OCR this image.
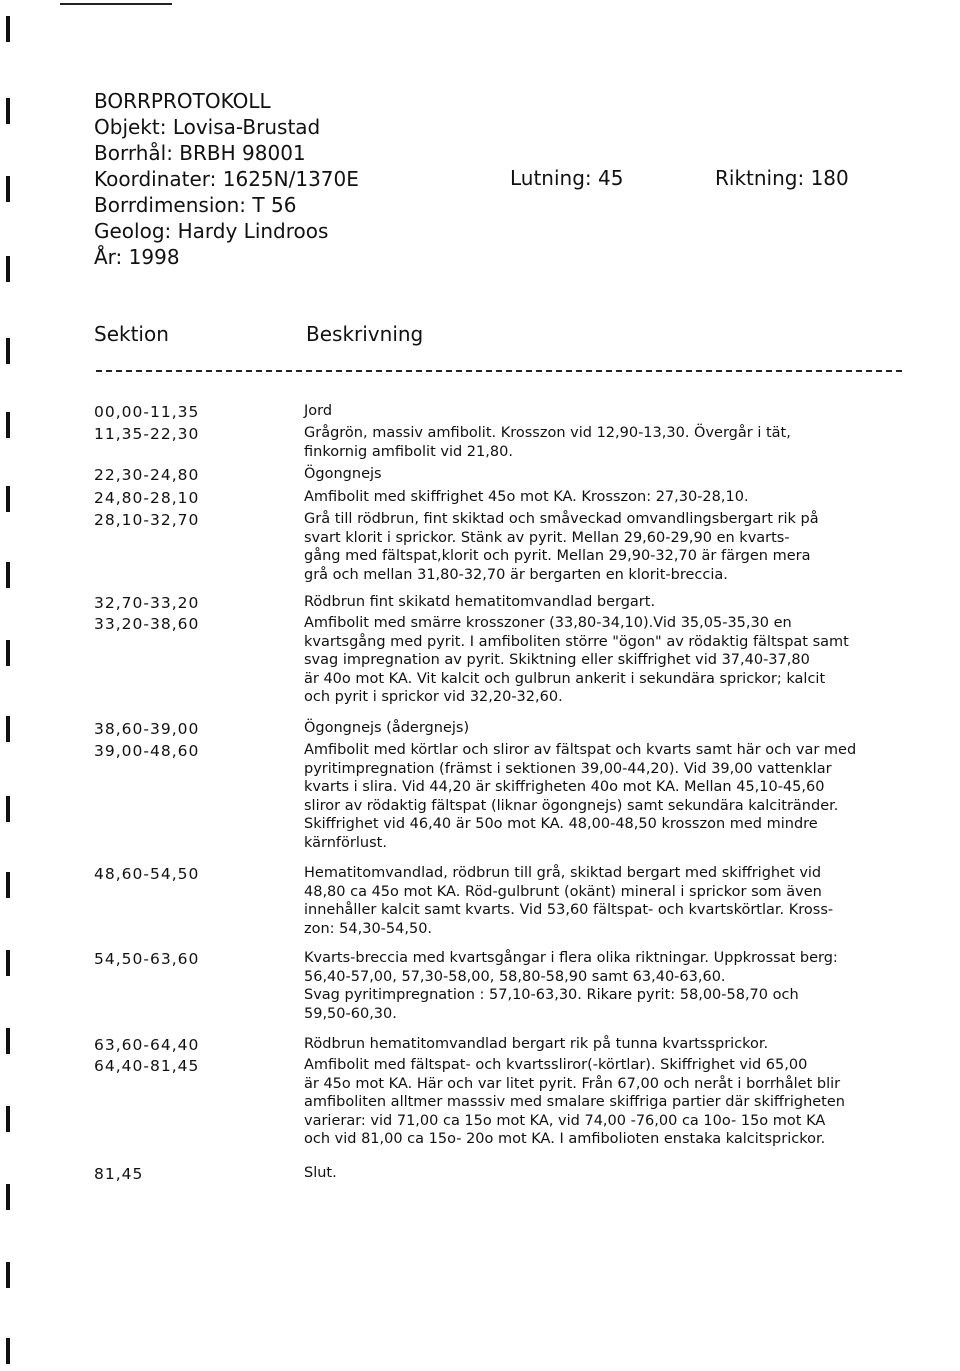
BORRPROTOKOLL
Objekt: Lovisa-Brustad
Borrhål: BRBH 98001
Koordinater: 1625N/1370E
Borrdimension: T 56
Geolog: Hardy Lindroos
År: 1998
Lutning: 45	Riktning: 180
Sektion	Beskrivning
00,00-11,35	Jord
11,35-22,30	Grågrön, massiv amfibolit. Krosszon vid 12,90-13,30. Övergår i tät,
finkornig amfibolit vid 21,80.
22,30-24,80	Ögongnejs
24,80-28,10	Amfibolit med skiffrighet 45o mot KA. Krosszon: 27,30-28,10.
28,10-32,70	Grå till rödbrun, fint skiktad och småveckad omvandlingsbergart rik på
svart klorit i sprickor. Stänk av pyrit. Mellan 29,60-29,90 en kvarts-
gång med fältspat,klorit och pyrit. Mellan 29,90-32,70 är färgen mera
grå och mellan 31,80-32,70 är bergarten en klorit-breccia.
32,70-33,20	Rödbrun fint skikatd hematitomvandlad bergart.
33,20-38,60	Amfibolit med smärre krosszoner (33,80-34,10).Vid 35,05-35,30 en
kvartsgång med pyrit. I amfiboliten större "ögon" av rödaktig fältspat samt
svag impregnation av pyrit. Skiktning eller skiffrighet vid 37,40-37,80
är 40o mot KA. Vit kalcit och gulbrun ankerit i sekundära sprickor; kalcit
och pyrit i sprickor vid 32,20-32,60.
38,60-39,00	Ögongnejs (ådergnejs)
39,00-48,60	Amfibolit med körtlar och sliror av fältspat och kvarts samt här och var med
pyritimpregnation (främst i sektionen 39,00-44,20). Vid 39,00 vattenklar
kvarts i slira. Vid 44,20 är skiffrigheten 40o mot KA. Mellan 45,10-45,60
sliror av rödaktig fältspat (liknar ögongnejs) samt sekundära kalcitränder.
Skiffrighet vid 46,40 är 50o mot KA. 48,00-48,50 krosszon med mindre
kärnförlust.
48,60-54,50	Hematitomvandlad, rödbrun till grå, skiktad bergart med skiffrighet vid
48,80 ca 45o mot KA. Röd-gulbrunt (okänt) mineral i sprickor som även
innehåller kalcit samt kvarts. Vid 53,60 fältspat- och kvartskörtlar. Kross-
zon: 54,30-54,50.
54,50-63,60	Kvarts-breccia med kvartsgångar i flera olika riktningar. Uppkrossat berg:
56,40-57,00, 57,30-58,00, 58,80-58,90 samt 63,40-63,60.
Svag pyritimpregnation : 57,10-63,30. Rikare pyrit: 58,00-58,70 och
59,50-60,30.
63,60-64,40	Rödbrun hematitomvandlad bergart rik på tunna kvartssprickor.
64,40-81,45	Amfibolit med fältspat- och kvartssliror(-körtlar). Skiffrighet vid 65,00
är 45o mot KA. Här och var litet pyrit. Från 67,00 och neråt i borrhålet blir
amfiboliten alltmer masssiv med smalare skiffriga partier där skiffrigheten
varierar: vid 71,00 ca 15o mot KA, vid 74,00 -76,00 ca 10o- 15o mot KA
och vid 81,00 ca 15o- 20o mot KA. I amfibolioten enstaka kalcitsprickor.
81,45	Slut.
